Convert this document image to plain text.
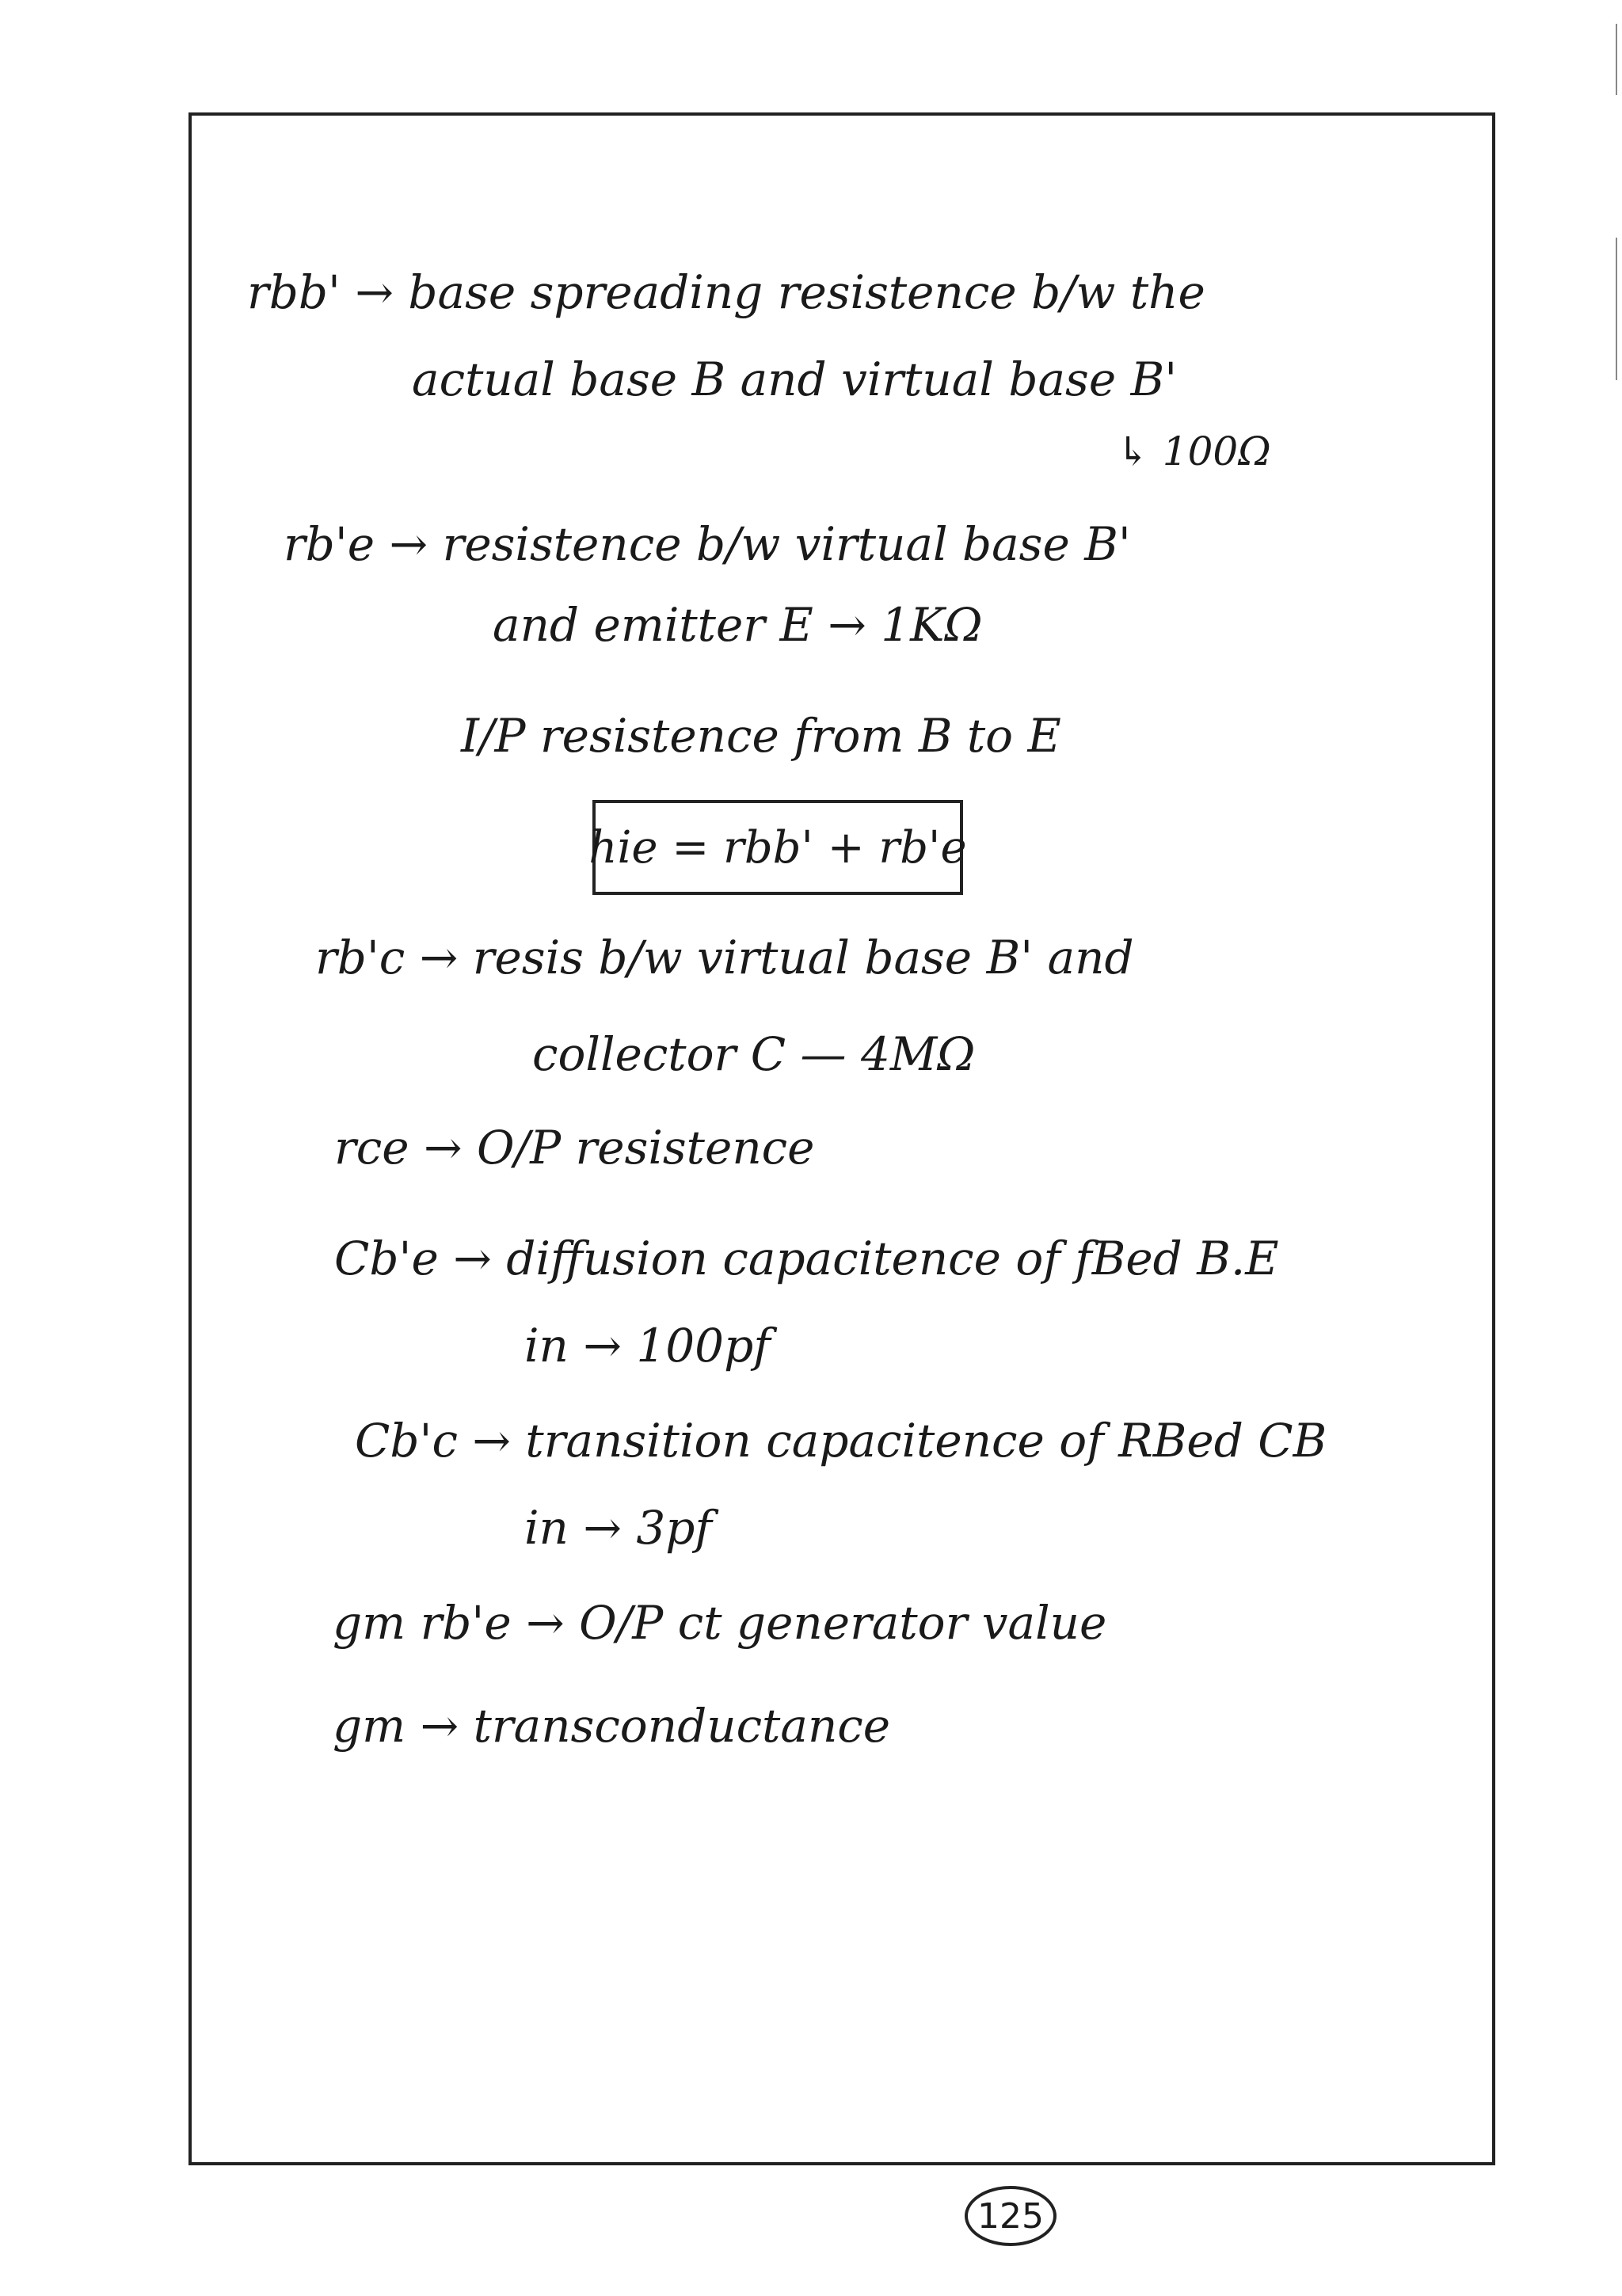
rbb' → base spreading resistence b/w the
actual base B and virtual base B'
↳ 100Ω
rb'e → resistence b/w virtual base B'
and emitter E → 1KΩ
I/P resistence from B to E
hie = rbb' + rb'e
rb'c → resis b/w virtual base B' and
collector C — 4MΩ
rce → O/P resistence
Cb'e → diffusion capacitence of fBed B.E
in → 100pf
Cb'c → transition capacitence of RBed CB
in → 3pf
gm rb'e → O/P ct generator value
gm → transconductance
125
